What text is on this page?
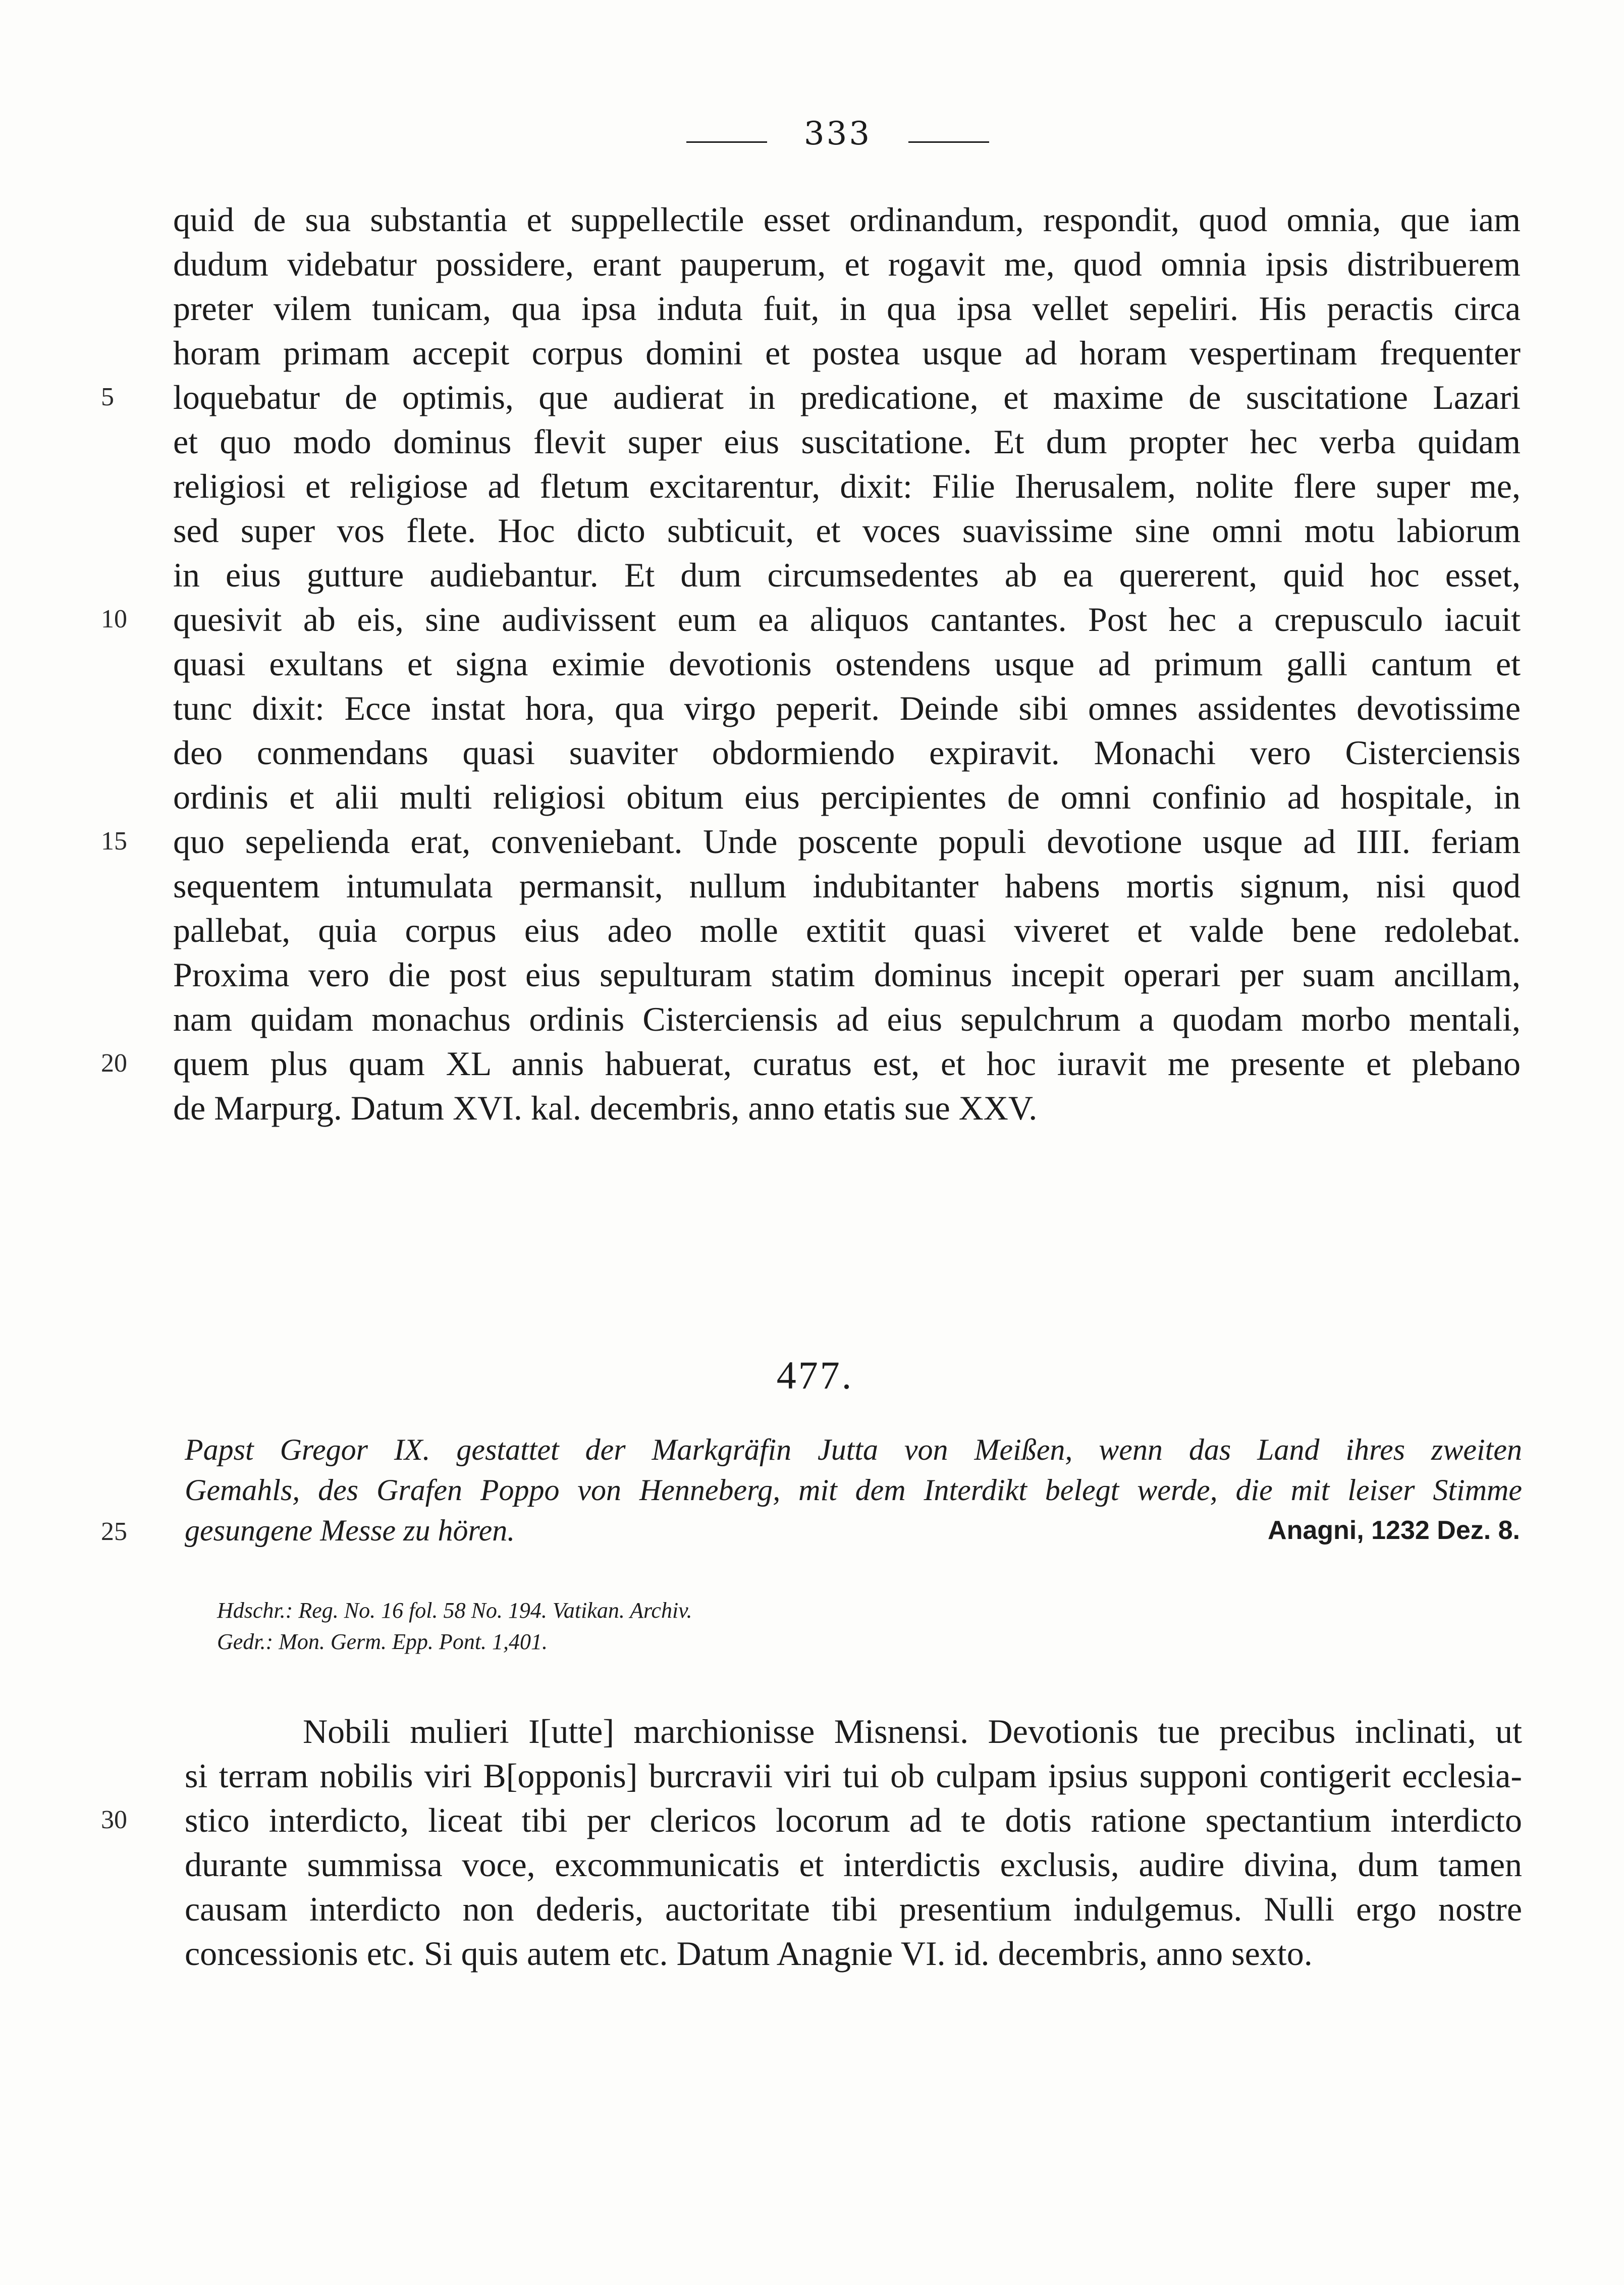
333
quid de sua substantia et suppellectile esset ordinandum, respondit, quod omnia, que iam
dudum videbatur possidere, erant pauperum, et rogavit me, quod omnia ipsis distribuerem
preter vilem tunicam, qua ipsa induta fuit, in qua ipsa vellet sepeliri. His peractis circa
horam primam accepit corpus domini et postea usque ad horam vespertinam frequenter
5	loquebatur de optimis, que audierat in predicatione, et maxime de suscitatione Lazari
et quo modo dominus flevit super eius suscitatione. Et dum propter hec verba quidam
religiosi et religiose ad fletum excitarentur, dixit: Filie Iherusalem, nolite flere super me,
sed super vos flete. Hoc dicto subticuit, et voces suavissime sine omni motu labiorum
in eius gutture audiebantur. Et dum circumsedentes ab ea quererent, quid hoc esset,
10	quesivit ab eis, sine audivissent eum ea aliquos cantantes. Post hec a crepusculo iacuit
quasi exultans et signa eximie devotionis ostendens usque ad primum galli cantum et
tunc dixit: Ecce instat hora, qua virgo peperit. Deinde sibi omnes assidentes devotissime
deo conmendans quasi suaviter obdormiendo expiravit. Monachi vero Cisterciensis
ordinis et alii multi religiosi obitum eius percipientes de omni confinio ad hospitale, in
15	quo sepelienda erat, conveniebant. Unde poscente populi devotione usque ad IIII. feriam
sequentem intumulata permansit, nullum indubitanter habens mortis signum, nisi quod
pallebat, quia corpus eius adeo molle extitit quasi viveret et valde bene redolebat.
Proxima vero die post eius sepulturam statim dominus incepit operari per suam ancillam,
nam quidam monachus ordinis Cisterciensis ad eius sepulchrum a quodam morbo mentali,
20	quem plus quam XL annis habuerat, curatus est, et hoc iuravit me presente et plebano
de Marpurg. Datum XVI. kal. decembris, anno etatis sue XXV.
477.
Papst Gregor IX. gestattet der Markgräfin Jutta von Meißen, wenn das Land ihres zweiten
Gemahls, des Grafen Poppo von Henneberg, mit dem Interdikt belegt werde, die mit leiser Stimme
25	gesungene Messe zu hören.	Anagni, 1232 Dez. 8.
Hdschr.: Reg. No. 16 fol. 58 No. 194. Vatikan. Archiv.
Gedr.: Mon. Germ. Epp. Pont. 1,401.
Nobili mulieri I[utte] marchionisse Misnensi. Devotionis tue precibus inclinati, ut
si terram nobilis viri B[opponis] burcravii viri tui ob culpam ipsius supponi contigerit ecclesia-
30	stico interdicto, liceat tibi per clericos locorum ad te dotis ratione spectantium interdicto
durante summissa voce, excommunicatis et interdictis exclusis, audire divina, dum tamen
causam interdicto non dederis, auctoritate tibi presentium indulgemus. Nulli ergo nostre
concessionis etc. Si quis autem etc. Datum Anagnie VI. id. decembris, anno sexto.
